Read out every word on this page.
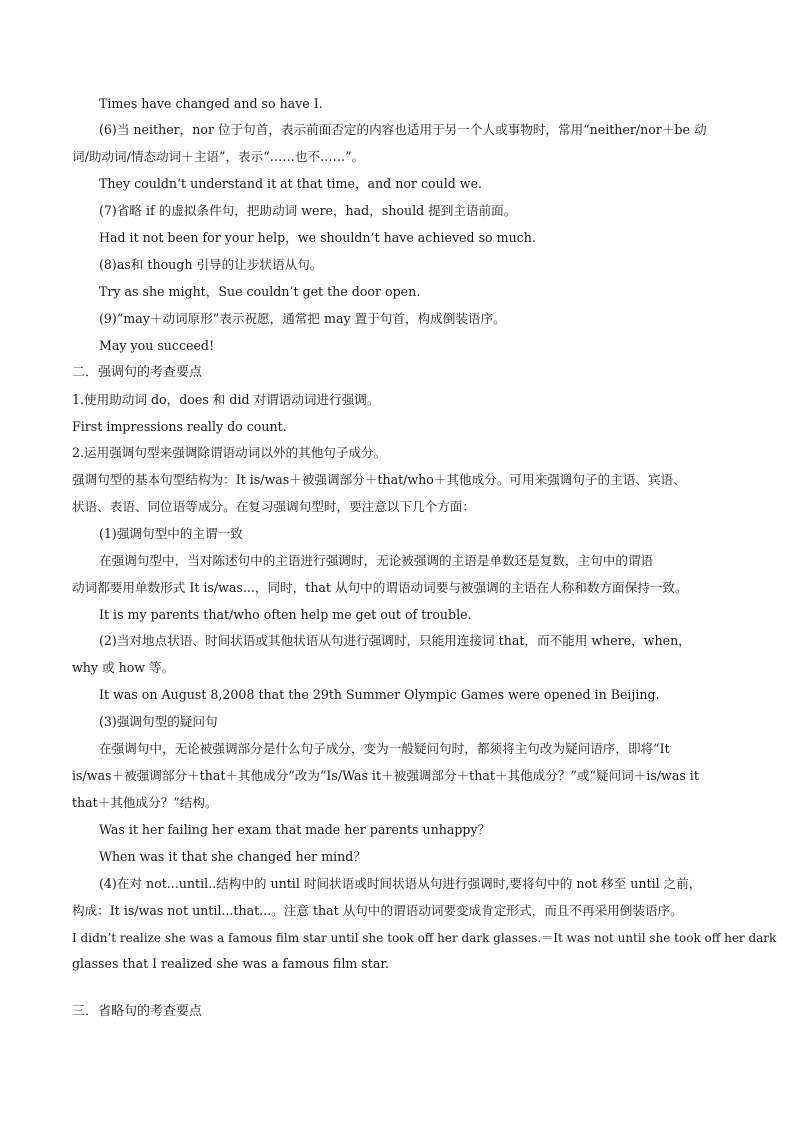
Times have changed and so have I.
(6)当 neither，nor 位于句首，表示前面否定的内容也适用于另一个人或事物时，常用“neither/nor＋be 动
词/助动词/情态动词＋主语”，表示“……也不……”。
They couldn’t understand it at that time，and nor could we.
(7)省略 if 的虚拟条件句，把助动词 were，had，should 提到主语前面。
Had it not been for your help，we shouldn’t have achieved so much.
(8)as和 though 引导的让步状语从句。
Try as she might，Sue couldn’t get the door open.
(9)“may＋动词原形”表示祝愿，通常把 may 置于句首，构成倒装语序。
May you succeed!
二．强调句的考查要点
1.使用助动词 do，does 和 did 对谓语动词进行强调。
First impressions really do count.
2.运用强调句型来强调除谓语动词以外的其他句子成分。
强调句型的基本句型结构为：It is/was＋被强调部分＋that/who＋其他成分。可用来强调句子的主语、宾语、
状语、表语、同位语等成分。在复习强调句型时，要注意以下几个方面：
(1)强调句型中的主谓一致
在强调句型中，当对陈述句中的主语进行强调时，无论被强调的主语是单数还是复数，主句中的谓语
动词都要用单数形式 It is/was...，同时，that 从句中的谓语动词要与被强调的主语在人称和数方面保持一致。
It is my parents that/who often help me get out of trouble.
(2)当对地点状语、时间状语或其他状语从句进行强调时，只能用连接词 that，而不能用 where，when，
why 或 how 等。
It was on August 8,2008 that the 29th Summer Olympic Games were opened in Beijing.
(3)强调句型的疑问句
在强调句中，无论被强调部分是什么句子成分，变为一般疑问句时，都须将主句改为疑问语序，即将“It
is/was＋被强调部分＋that＋其他成分”改为“Is/Was it＋被强调部分＋that＋其他成分？”或“疑问词＋is/was it
that＋其他成分？”结构。
Was it her failing her exam that made her parents unhappy？
When was it that she changed her mind？
(4)在对 not...until..结构中的 until 时间状语或时间状语从句进行强调时,要将句中的 not 移至 until 之前，
构成：It is/was not until...that...。注意 that 从句中的谓语动词要变成肯定形式，而且不再采用倒装语序。
I didn’t realize she was a famous film star until she took off her dark glasses.＝It was not until she took off her dark
glasses that I realized she was a famous film star.
三．省略句的考查要点
